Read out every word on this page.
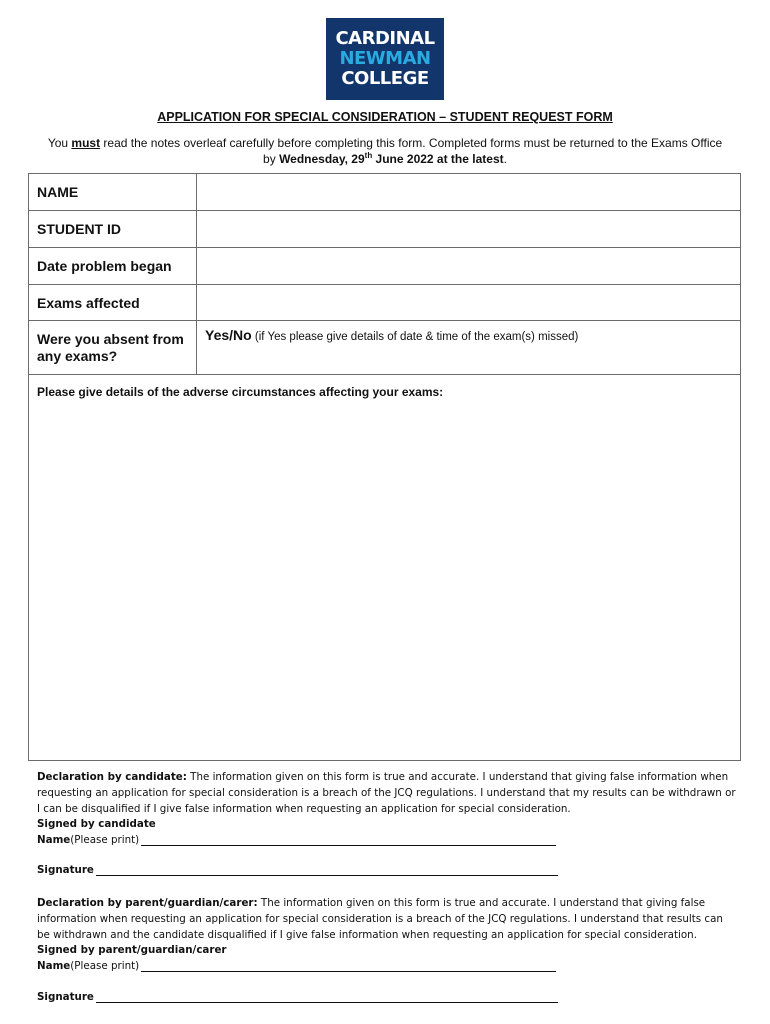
CARDINAL
NEWMAN
COLLEGE
APPLICATION FOR SPECIAL CONSIDERATION – STUDENT REQUEST FORM
You must read the notes overleaf carefully before completing this form. Completed forms must be returned to the Exams Office by Wednesday, 29th June 2022 at the latest.
NAME	
STUDENT ID	
Date problem began	
Exams affected	
Were you absent from any exams?	Yes/No (if Yes please give details of date & time of the exam(s) missed)
Please give details of the adverse circumstances affecting your exams:	
Declaration by candidate: The information given on this form is true and accurate. I understand that giving false information when requesting an application for special consideration is a breach of the JCQ regulations. I understand that my results can be withdrawn or I can be disqualified if I give false information when requesting an application for special consideration.
Signed by candidate
Name (Please print)
Signature
Declaration by parent/guardian/carer: The information given on this form is true and accurate. I understand that giving false information when requesting an application for special consideration is a breach of the JCQ regulations. I understand that results can be withdrawn and the candidate disqualified if I give false information when requesting an application for special consideration.
Signed by parent/guardian/carer
Name (Please print)
Signature
